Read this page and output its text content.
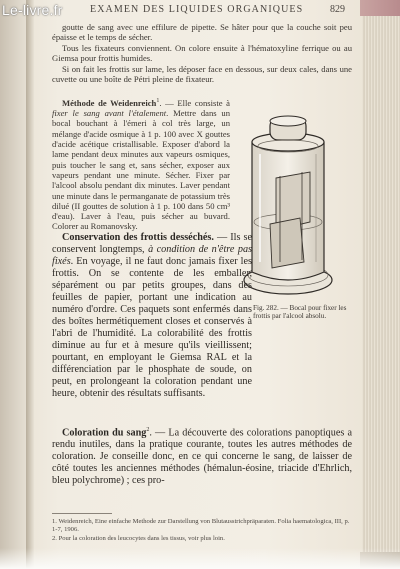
Le-livre.fr	EXAMEN DES LIQUIDES ORGANIQUES	829

goutte de sang avec une effilure de pipette. Se hâter pour que la couche soit peu épaisse et le temps de sécher.

Tous les fixateurs conviennent. On colore ensuite à l'hématoxyline ferrique ou au Giemsa pour frottis humides.

Si on fait les frottis sur lame, les déposer face en dessous, sur deux cales, dans une cuvette ou une boîte de Pétri pleine de fixateur.

Méthode de Weidenreich$^1$. — Elle consiste à fixer le sang avant l'étalement. Mettre dans un bocal bouchant à l'émeri à col très large, un mélange d'acide osmique à 1 p. 100 avec X gouttes d'acide acétique cristallisable. Exposer d'abord la lame pendant deux minutes aux vapeurs osmiques, puis toucher le sang et, sans sécher, exposer aux vapeurs pendant une minute. Sécher. Fixer par l'alcool absolu pendant dix minutes. Laver pendant une minute dans le permanganate de potassium très dilué (II gouttes de solution à 1 p. 100 dans 50 cm³ d'eau). Laver à l'eau, puis sécher au buvard. Colorer au Romanovsky.

Fig. 282. — Bocal pour fixer les frottis par l'alcool absolu.

Conservation des frottis desséchés. — Ils se conservent longtemps, à condition de n'être pas fixés. En voyage, il ne faut donc jamais fixer les frottis. On se contente de les emballer, séparément ou par petits groupes, dans des feuilles de papier, portant une indication au numéro d'ordre. Ces paquets sont enfermés dans des boîtes hermétiquement closes et conservés à l'abri de l'humidité. La colorabilité des frottis diminue au fur et à mesure qu'ils vieillissent; pourtant, en employant le Giemsa RAL et la différenciation par le phosphate de soude, on peut, en prolongeant la coloration pendant une heure, obtenir des résultats suffisants.

Coloration du sang$^2$. — La découverte des colorations panoptiques a rendu inutiles, dans la pratique courante, toutes les autres méthodes de coloration. Je conseille donc, en ce qui concerne le sang, de laisser de côté toutes les anciennes méthodes (hémalun-éosine, triacide d'Ehrlich, bleu polychrome) ; ces pro-

1. Weidenreich, Eine einfache Methode zur Darstellung von Blutausstrichpräparaten. Folia haematologica, III, p. 1-7, 1906.

2. Pour la coloration des leucocytes dans les tissus, voir plus loin.
